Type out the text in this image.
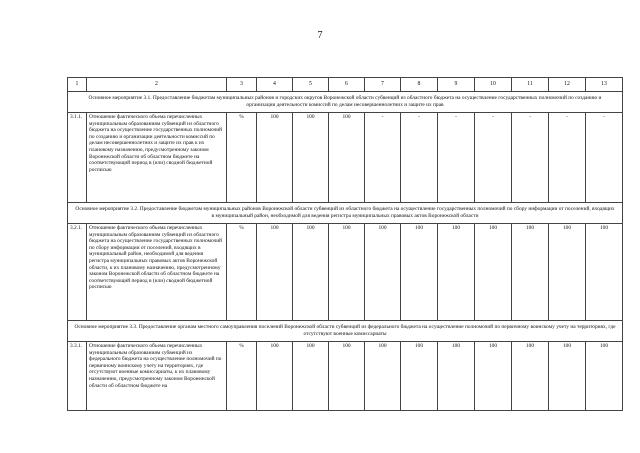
7
1	2	3	4	5	6	7	8	9	10	11	12	13
Основное мероприятие 3.1. Предоставление бюджетам муниципальных районов и городских округов Воронежской области субвенций из областного бюджета на осуществление государственных полномочий по созданию и организации деятельности комиссий по делам несовершеннолетних и защите их прав												
3.1.1.	Отношение фактического объема перечисленных муниципальным образованиям субвенций из областного бюджета на осуществление государственных полномочий по созданию и организации деятельности комиссий по делам несовершеннолетних и защите их прав к их плановому назначению, предусмотренному законом Воронежской области об областном бюджете на соответствующий период в (или) сводной бюджетной росписью	%	100	100	100	-	-	-	-	-	-	-
Основное мероприятие 3.2. Предоставление бюджетам муниципальных районов Воронежской области субвенций из областного бюджета на осуществление государственных полномочий по сбору информации от поселений, входящих в муниципальный район, необходимой для ведения регистра муниципальных правовых актов Воронежской области												
3.2.1.	Отношение фактического объема перечисленных муниципальным образованиям субвенций из областного бюджета на осуществление государственных полномочий по сбору информации от поселений, входящих в муниципальный район, необходимой для ведения регистра муниципальных правовых актов Воронежской области, к их плановому назначению, предусмотренному законом Воронежской области об областном бюджете на соответствующий период в (или) сводной бюджетной росписью	%	100	100	100	100	100	100	100	100	100	100
Основное мероприятие 3.3. Предоставление органам местного самоуправления поселений Воронежской области субвенций из федерального бюджета на осуществление полномочий по первичному воинскому учету на территориях, где отсутствуют военные комиссариаты												
3.3.1.	Отношение фактического объема перечисленных муниципальным образованиям субвенций из федерального бюджета на осуществление полномочий по первичному воинскому учету на территориях, где отсутствуют военные комиссариаты, к их плановому назначению, предусмотренному законом Воронежской области об областном бюджете на	%	100	100	100	100	100	100	100	100	100	100
